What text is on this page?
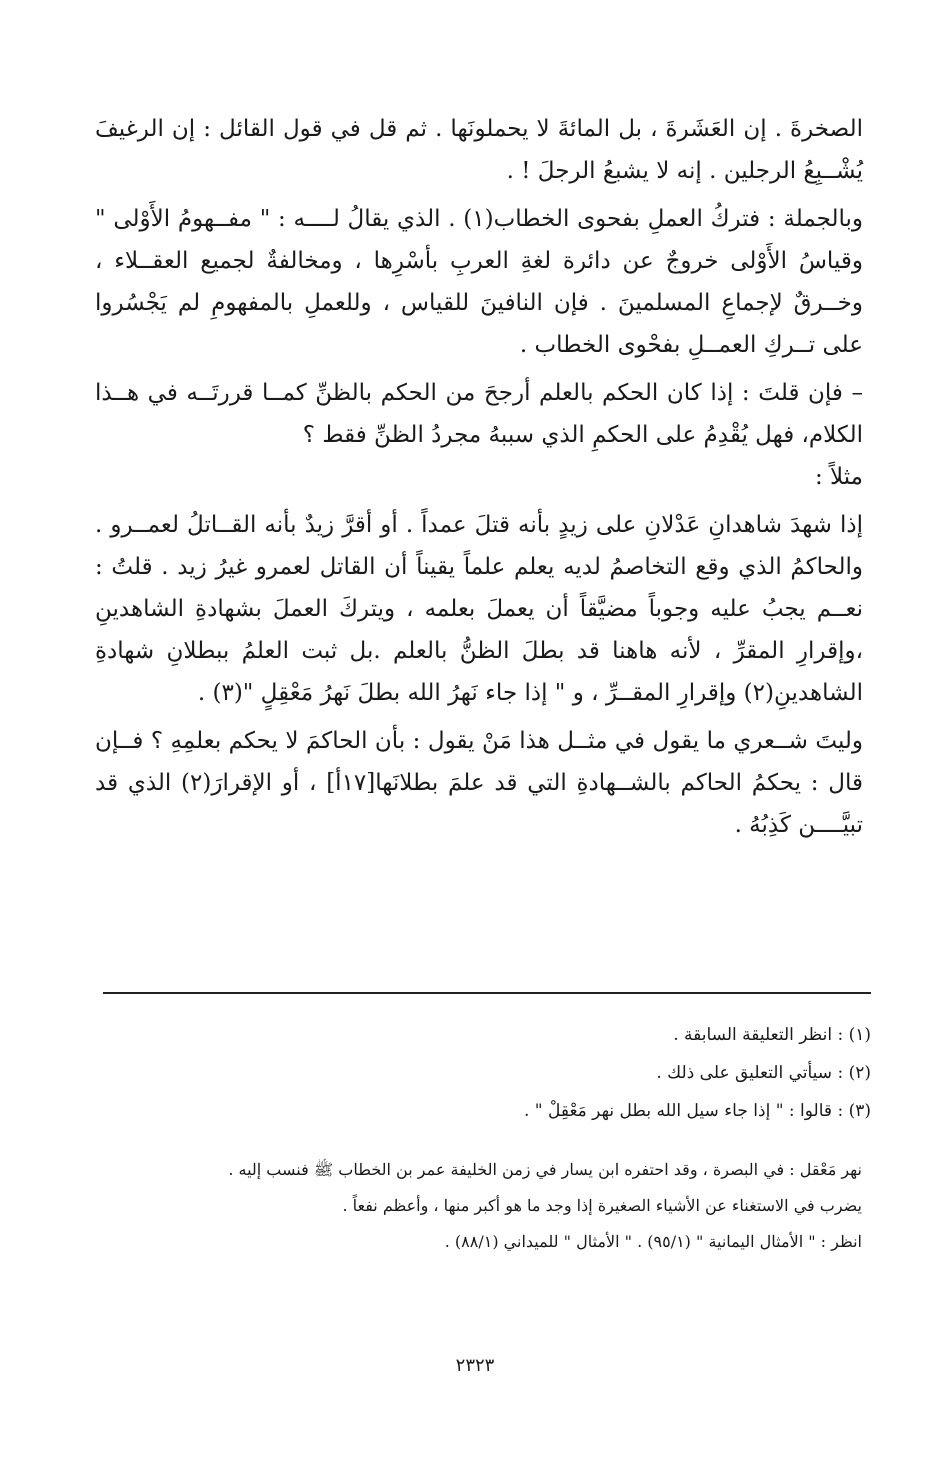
الصخرةَ . إن العَشَرةَ ، بل المائةَ لا يحملونَها . ثم قل في قول القائل : إن الرغيفَ يُشْــبِعُ الرجلين . إنه لا يشبعُ الرجلَ ! .

وبالجملة : فتركُ العملِ بفحوى الخطاب(١) . الذي يقالُ لــــه : " مفــهومُ الأَوْلى " وقياسُ الأَوْلى خروجٌ عن دائرة لغةِ العربِ بأسْرِها ، ومخالفةٌ لجميع العقــلاء ، وخــرقٌ لإجماعِ المسلمينَ . فإن النافينَ للقياس ، وللعملِ بالمفهومِ لم يَجْسُروا على تــركِ العمــلِ بفحْوى الخطاب .

– فإن قلتَ : إذا كان الحكم بالعلم أرجحَ من الحكم بالظنِّ كمــا قررتَــه في هــذا الكلام، فهل يُقْدِمُ على الحكمِ الذي سببهُ مجردُ الظنِّ فقط ؟

مثلاً :

إذا شهدَ شاهدانِ عَدْلانِ على زيدٍ بأنه قتلَ عمداً . أو أقرَّ زيدٌ بأنه القــاتلُ لعمــرو . والحاكمُ الذي وقع التخاصمُ لديه يعلم علماً يقيناً أن القاتل لعمرو غيرُ زيد . قلتُ : نعــم يجبُ عليه وجوباً مضيَّقاً أن يعملَ بعلمه ، ويتركَ العملَ بشهادةِ الشاهدينِ ،وإقرارِ المقرِّ ، لأنه هاهنا قد بطلَ الظنُّ بالعلم .بل ثبت العلمُ ببطلانِ شهادةِ الشاهدينِ(٢) وإقرارِ المقــرِّ ، و " إذا جاء نَهرُ الله بطلَ نَهرُ مَعْقِلٍ "(٣) .

وليتَ شــعري ما يقول في مثــل هذا مَنْ يقول : بأن الحاكمَ لا يحكم بعلمِهِ ؟ فــإن قال : يحكمُ الحاكم بالشــهادةِ التي قد علمَ بطلانَها[١٧أ] ، أو الإقرارَ(٢) الذي قد تبيَّــــن كَذِبُهُ .

(١) : انظر التعليقة السابقة .

(٢) : سيأتي التعليق على ذلك .

(٣) : قالوا : " إذا جاء سيل الله بطل نهر مَعْقِلْ " .

نهر مَعْقل : في البصرة ، وقد احتفره ابن يسار في زمن الخليفة عمر بن الخطاب ﷺ فنسب إليه .

يضرب في الاستغناء عن الأشياء الصغيرة إذا وجد ما هو أكبر منها ، وأعظم نفعاً .

انظر : " الأمثال اليمانية " (٩٥/١) . " الأمثال " للميداني (٨٨/١) .

٢٣٢٣
